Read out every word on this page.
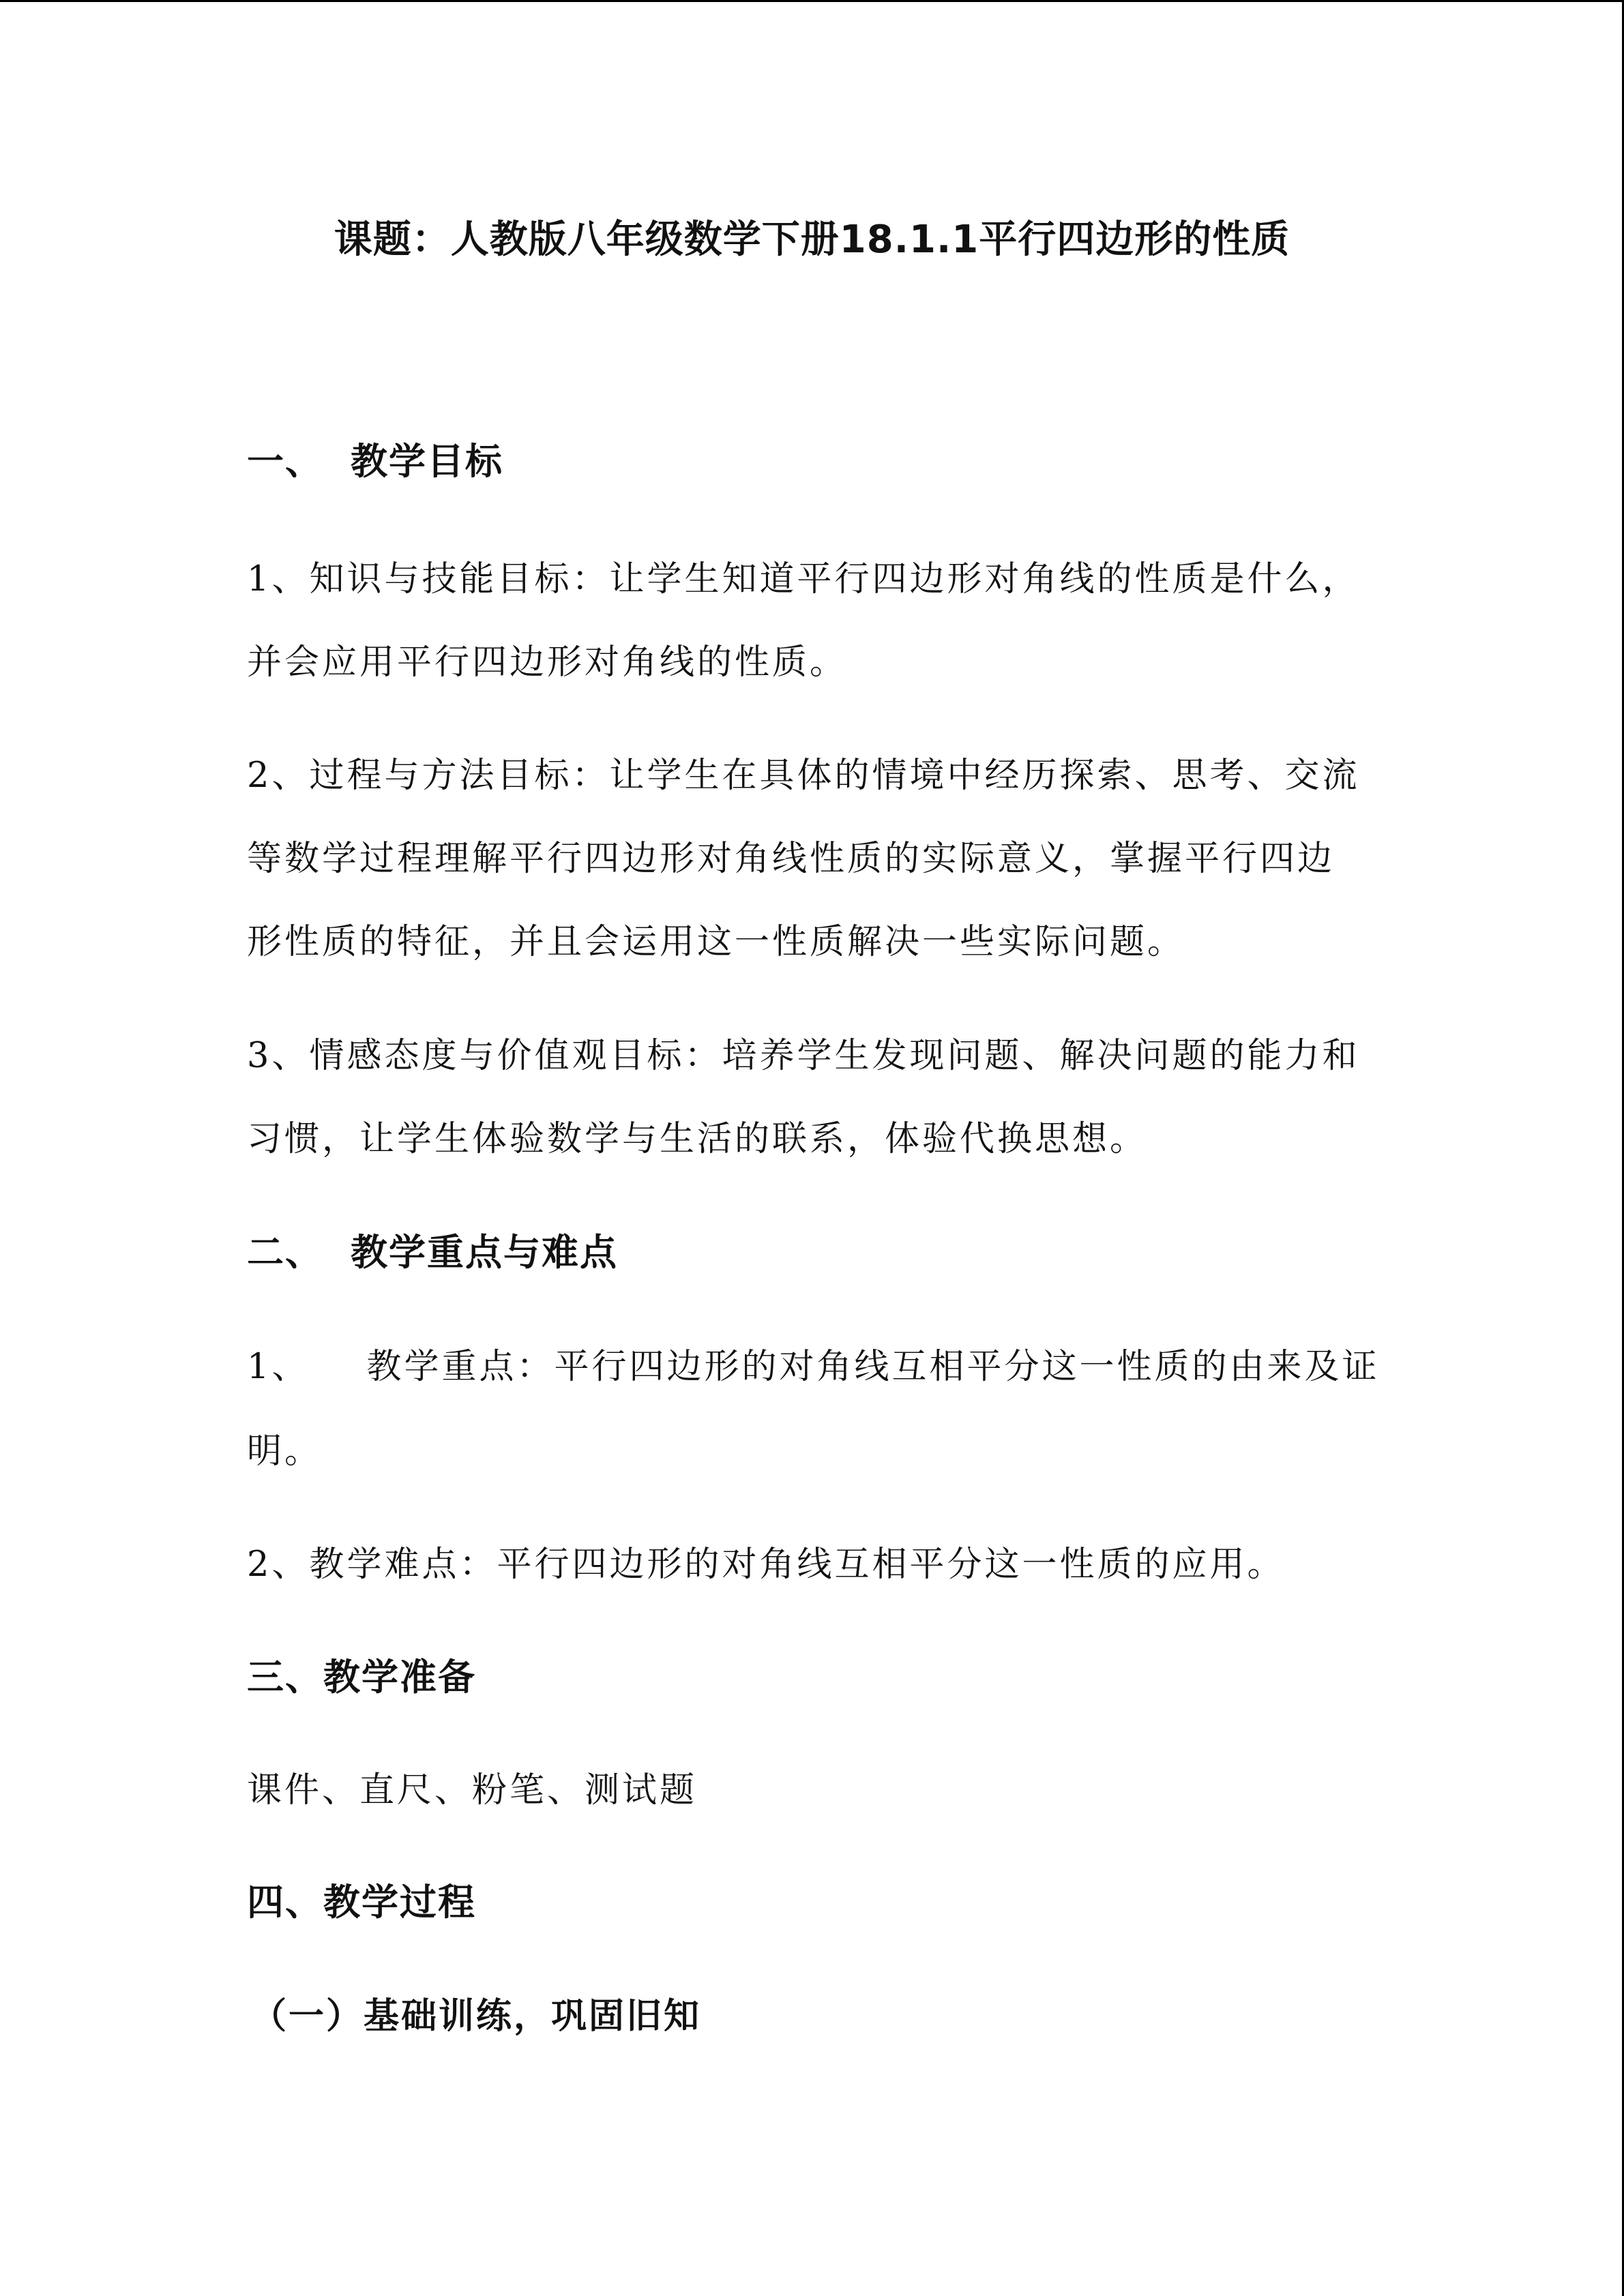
课题：人教版八年级数学下册18.1.1平行四边形的性质
一、 教学目标
1、知识与技能目标：让学生知道平行四边形对角线的性质是什么，
并会应用平行四边形对角线的性质。
2、过程与方法目标：让学生在具体的情境中经历探索、思考、交流
等数学过程理解平行四边形对角线性质的实际意义，掌握平行四边
形性质的特征，并且会运用这一性质解决一些实际问题。
3、情感态度与价值观目标：培养学生发现问题、解决问题的能力和
习惯，让学生体验数学与生活的联系，体验代换思想。
二、 教学重点与难点
1、 教学重点：平行四边形的对角线互相平分这一性质的由来及证
明。
2、教学难点：平行四边形的对角线互相平分这一性质的应用。
三、教学准备
课件、直尺、粉笔、测试题
四、教学过程
（一）基础训练，巩固旧知
